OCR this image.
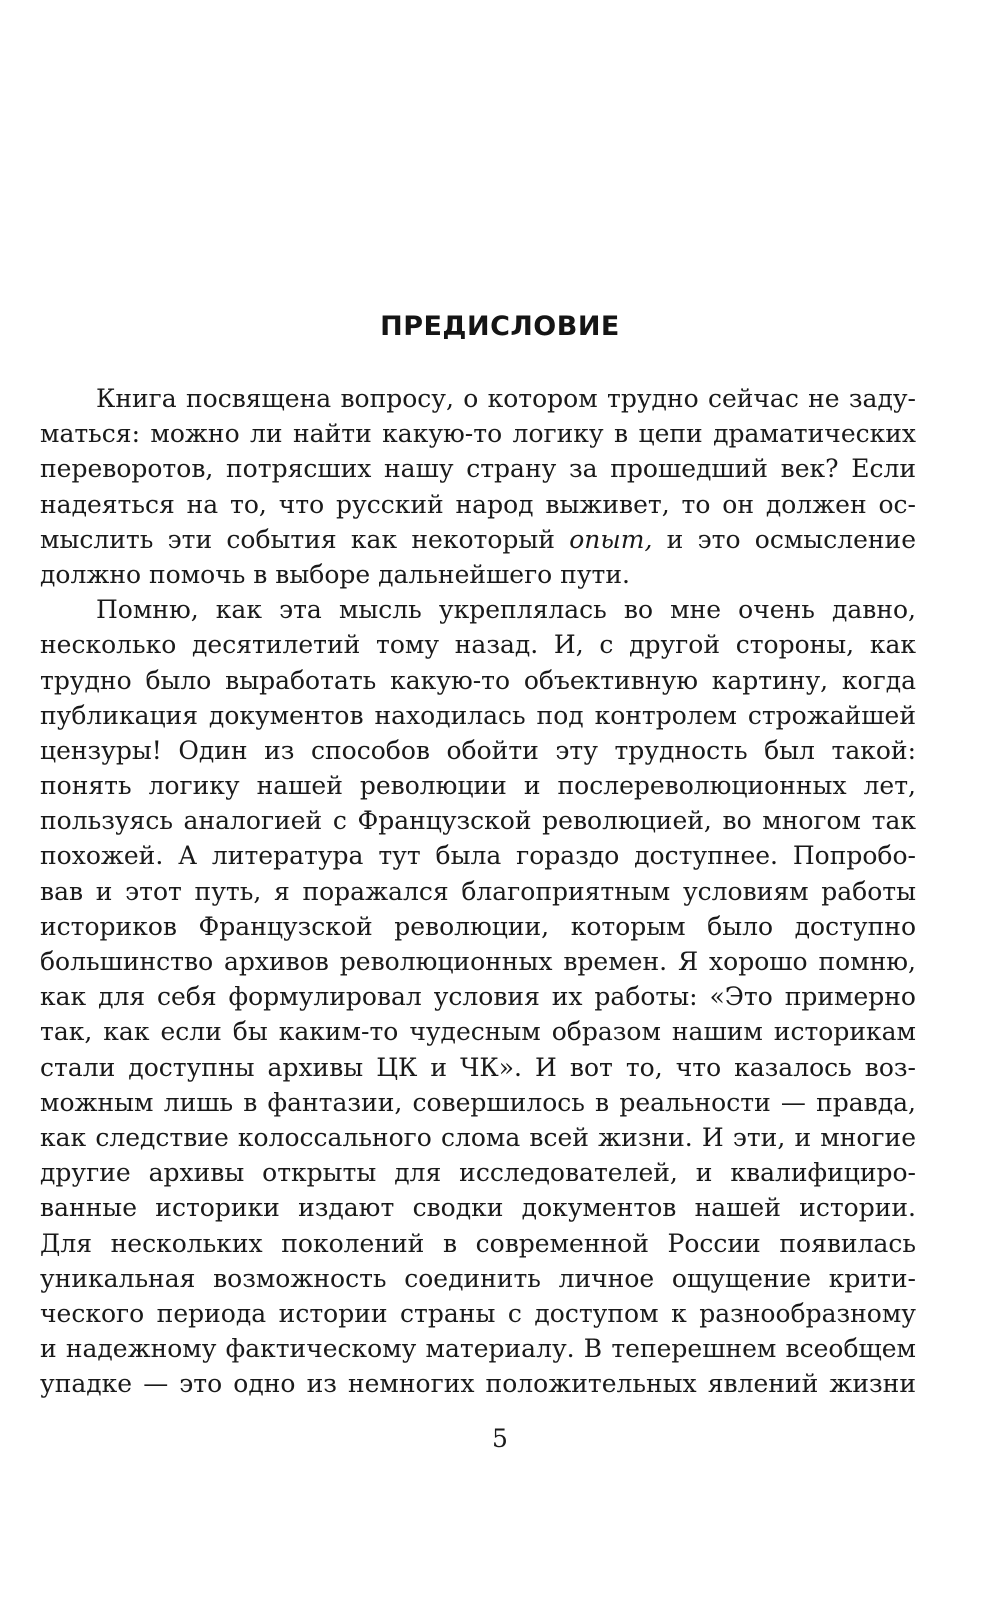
ПРЕДИСЛОВИЕ
Книга посвящена вопросу, о котором трудно сейчас не заду-
маться: можно ли найти какую-то логику в цепи драматических
переворотов, потрясших нашу страну за прошедший век? Если
надеяться на то, что русский народ выживет, то он должен ос-
мыслить эти события как некоторый опыт, и это осмысление
должно помочь в выборе дальнейшего пути.
Помню, как эта мысль укреплялась во мне очень давно,
несколько десятилетий тому назад. И, с другой стороны, как
трудно было выработать какую-то объективную картину, когда
публикация документов находилась под контролем строжайшей
цензуры! Один из способов обойти эту трудность был такой:
понять логику нашей революции и послереволюционных лет,
пользуясь аналогией с Французской революцией, во многом так
похожей. А литература тут была гораздо доступнее. Попробо-
вав и этот путь, я поражался благоприятным условиям работы
историков Французской революции, которым было доступно
большинство архивов революционных времен. Я хорошо помню,
как для себя формулировал условия их работы: «Это примерно
так, как если бы каким-то чудесным образом нашим историкам
стали доступны архивы ЦК и ЧК». И вот то, что казалось воз-
можным лишь в фантазии, совершилось в реальности — правда,
как следствие колоссального слома всей жизни. И эти, и многие
другие архивы открыты для исследователей, и квалифициро-
ванные историки издают сводки документов нашей истории.
Для нескольких поколений в современной России появилась
уникальная возможность соединить личное ощущение крити-
ческого периода истории страны с доступом к разнообразному
и надежному фактическому материалу. В теперешнем всеобщем
упадке — это одно из немногих положительных явлений жизни
5
